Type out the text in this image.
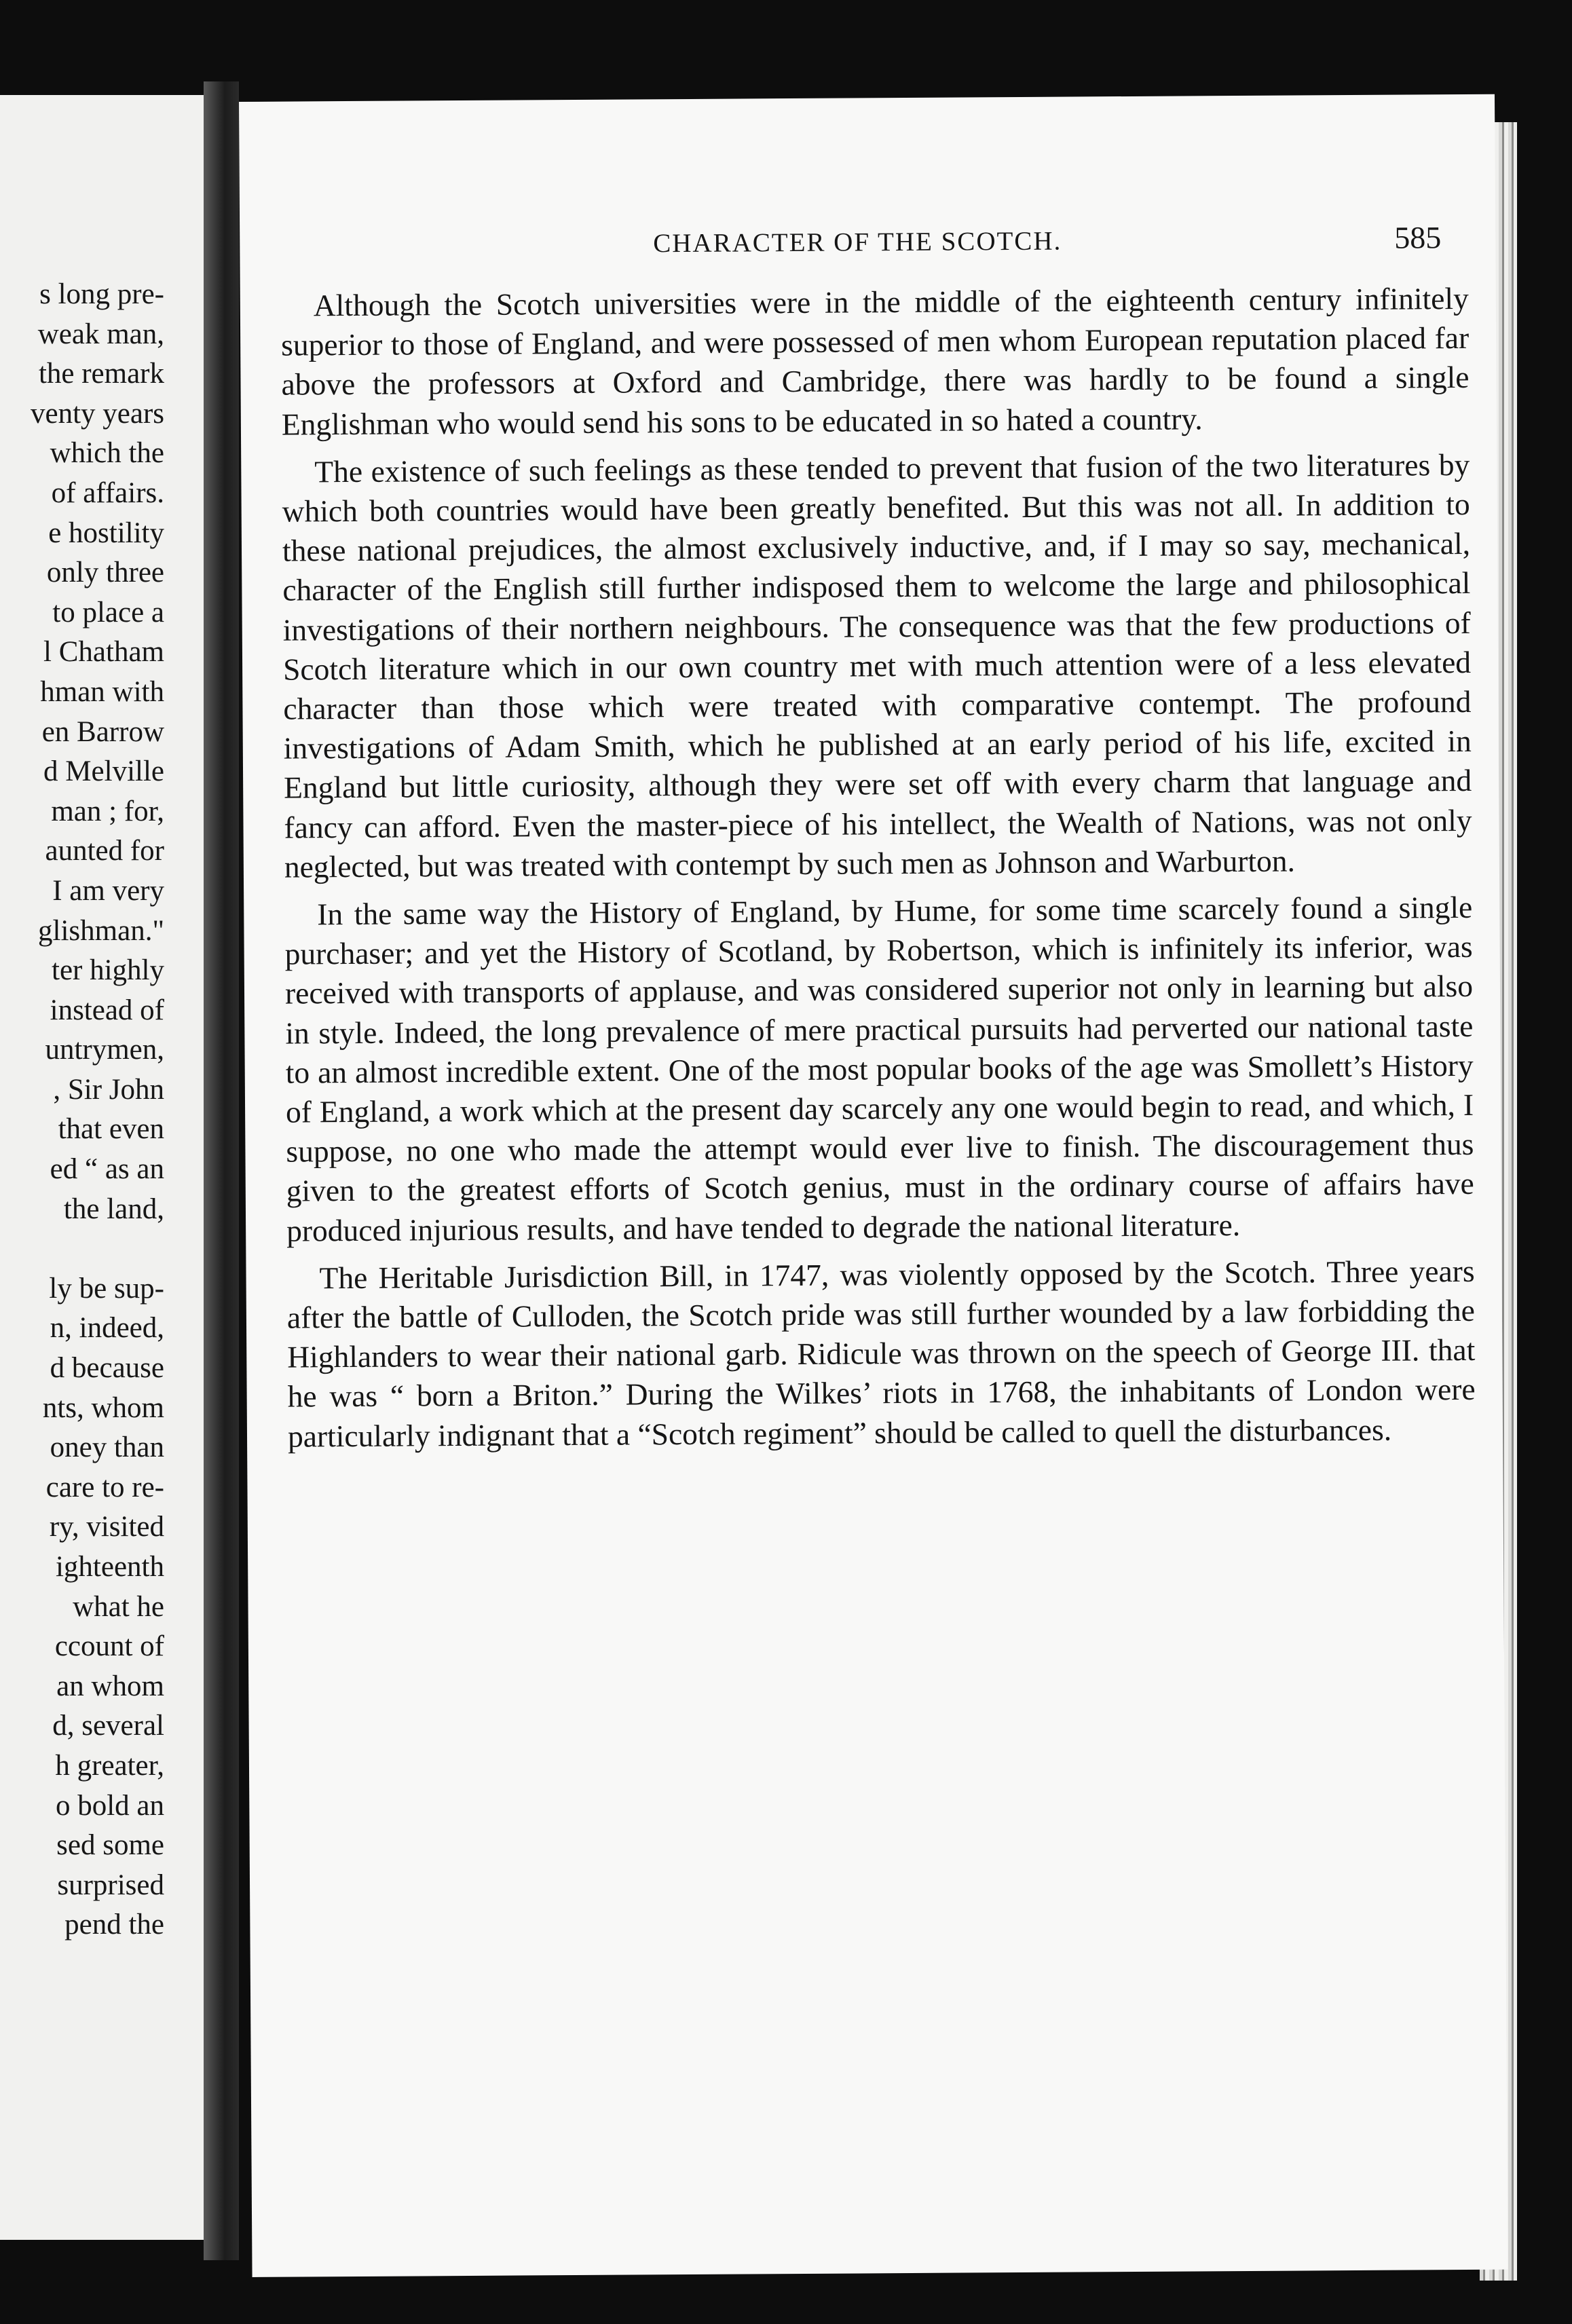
s long pre-
weak man,
the remark
venty years
which the
of affairs.
e hostility
only three
to place a
l Chatham
hman with
en Barrow
d Melville
man ; for,
aunted for
I am very
glishman."
ter highly
instead of
untrymen,
, Sir John
that even
ed “ as an
the land,
ly be sup-
n, indeed,
d because
nts, whom
oney than
care to re-
ry, visited
ighteenth
what he
ccount of
an whom
d, several
h greater,
o bold an
sed some
surprised
pend the
CHARACTER OF THE SCOTCH.	585

Although the Scotch universities were in the middle of the eighteenth century infinitely superior to those of England, and were possessed of men whom European reputation placed far above the professors at Oxford and Cambridge, there was hardly to be found a single Englishman who would send his sons to be educated in so hated a country.

The existence of such feelings as these tended to prevent that fusion of the two literatures by which both countries would have been greatly benefited. But this was not all. In addition to these national prejudices, the almost exclusively inductive, and, if I may so say, mechanical, character of the English still further indisposed them to welcome the large and philosophical investigations of their northern neighbours. The consequence was that the few productions of Scotch literature which in our own country met with much attention were of a less elevated character than those which were treated with comparative contempt. The profound investigations of Adam Smith, which he published at an early period of his life, excited in England but little curiosity, although they were set off with every charm that language and fancy can afford. Even the master-piece of his intellect, the Wealth of Nations, was not only neglected, but was treated with contempt by such men as Johnson and Warburton.

In the same way the History of England, by Hume, for some time scarcely found a single purchaser; and yet the History of Scotland, by Robertson, which is infinitely its inferior, was received with transports of applause, and was considered superior not only in learning but also in style. Indeed, the long prevalence of mere practical pursuits had perverted our national taste to an almost incredible extent. One of the most popular books of the age was Smollett’s History of England, a work which at the present day scarcely any one would begin to read, and which, I suppose, no one who made the attempt would ever live to finish. The discouragement thus given to the greatest efforts of Scotch genius, must in the ordinary course of affairs have produced injurious results, and have tended to degrade the national literature.

The Heritable Jurisdiction Bill, in 1747, was violently opposed by the Scotch. Three years after the battle of Culloden, the Scotch pride was still further wounded by a law forbidding the Highlanders to wear their national garb. Ridicule was thrown on the speech of George III. that he was “ born a Briton.” During the Wilkes’ riots in 1768, the inhabitants of London were particularly indignant that a “Scotch regiment” should be called to quell the disturbances.
